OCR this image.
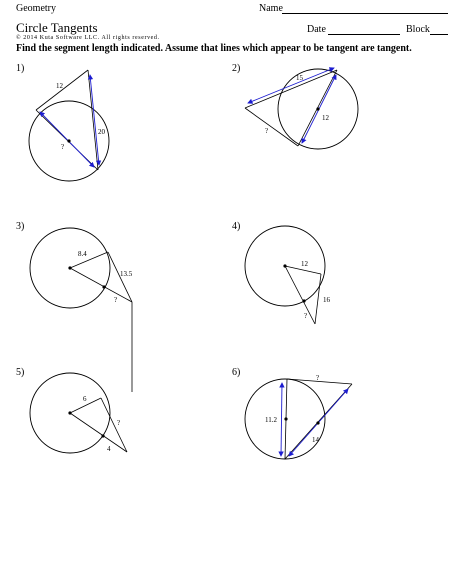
Geometry	Name
Circle Tangents	Date	Block
© 2014 Kuta Software LLC. All rights reserved.
Find the segment length indicated. Assume that lines which appear to be tangent are tangent.
1)	2)
3)	4)
5)	6)
12
20
?
15
12
?
8.4
13.5
?
12
16
?
6
4
?	11.2
14
?
